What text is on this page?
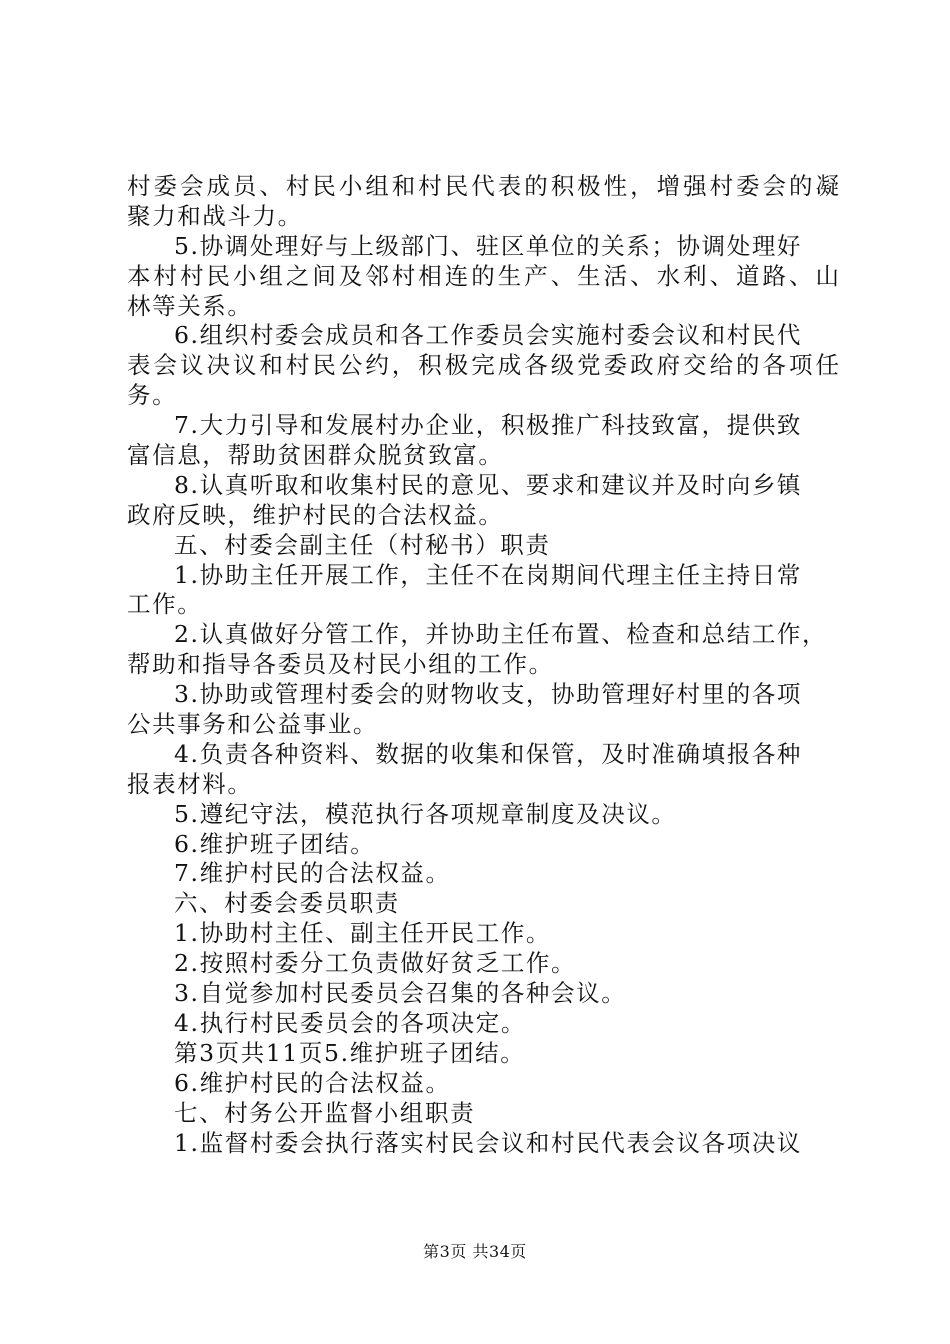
村委会成员、村民小组和村民代表的积极性，增强村委会的凝
聚力和战斗力。
5.协调处理好与上级部门、驻区单位的关系；协调处理好
本村村民小组之间及邻村相连的生产、生活、水利、道路、山
林等关系。
6.组织村委会成员和各工作委员会实施村委会议和村民代
表会议决议和村民公约，积极完成各级党委政府交给的各项任
务。
7.大力引导和发展村办企业，积极推广科技致富，提供致
富信息，帮助贫困群众脱贫致富。
8.认真听取和收集村民的意见、要求和建议并及时向乡镇
政府反映，维护村民的合法权益。
五、村委会副主任（村秘书）职责
1.协助主任开展工作，主任不在岗期间代理主任主持日常
工作。
2.认真做好分管工作，并协助主任布置、检查和总结工作，
帮助和指导各委员及村民小组的工作。
3.协助或管理村委会的财物收支，协助管理好村里的各项
公共事务和公益事业。
4.负责各种资料、数据的收集和保管，及时准确填报各种
报表材料。
5.遵纪守法，模范执行各项规章制度及决议。
6.维护班子团结。
7.维护村民的合法权益。
六、村委会委员职责
1.协助村主任、副主任开民工作。
2.按照村委分工负责做好贫乏工作。
3.自觉参加村民委员会召集的各种会议。
4.执行村民委员会的各项决定。
第3页共11页5.维护班子团结。
6.维护村民的合法权益。
七、村务公开监督小组职责
1.监督村委会执行落实村民会议和村民代表会议各项决议
第3页 共34页
